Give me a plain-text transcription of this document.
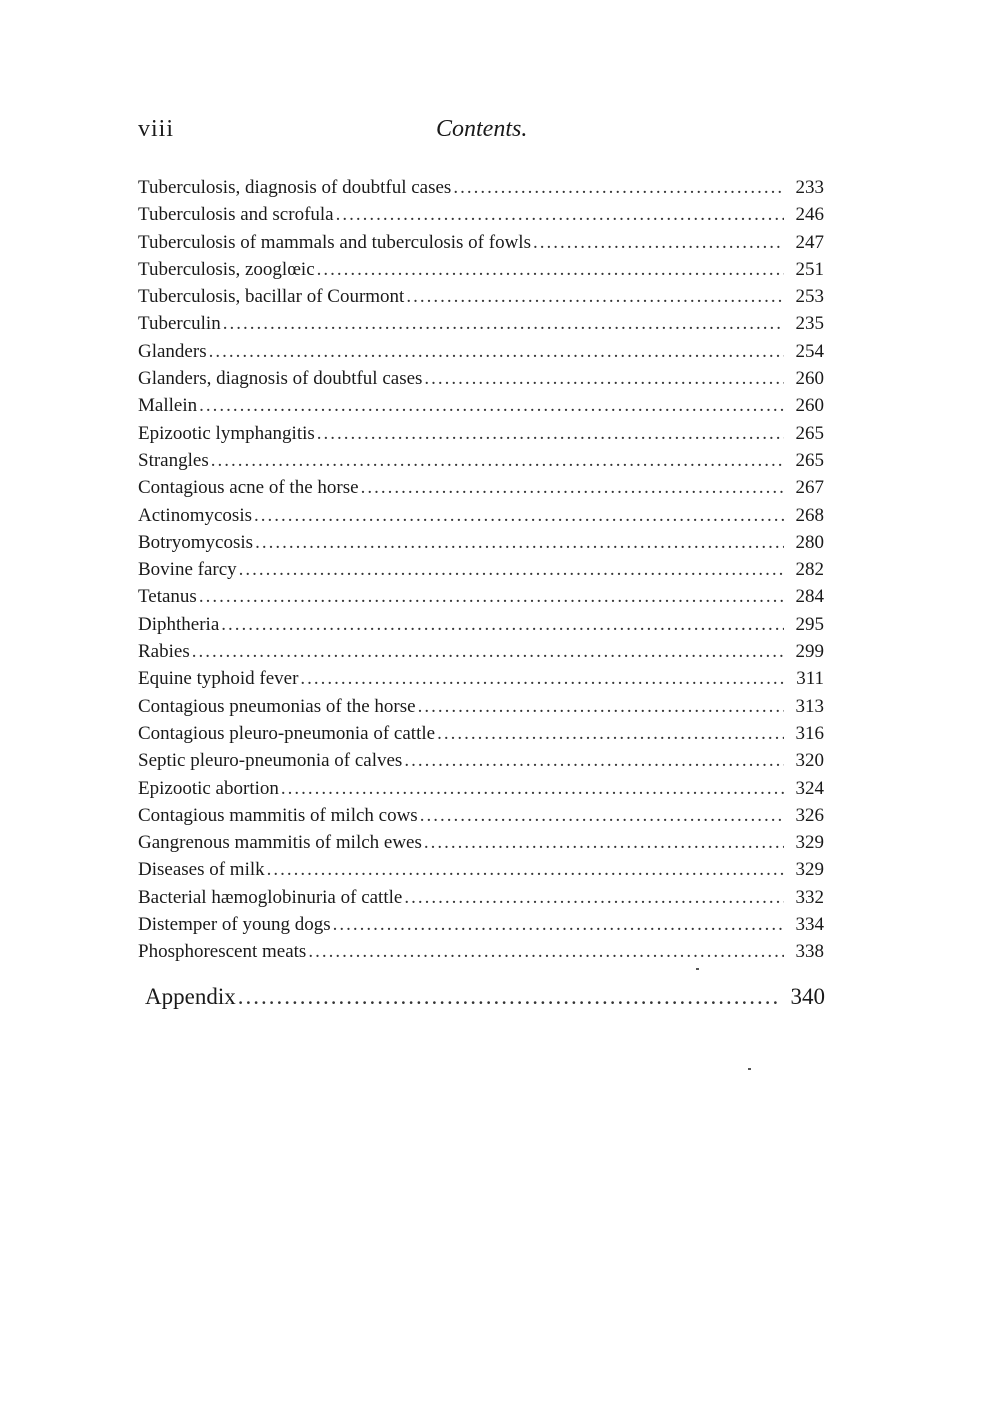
viii	Contents.
Tuberculosis, diagnosis of doubtful cases .....	233
Tuberculosis and scrofula .....	246
Tuberculosis of mammals and tuberculosis of fowls .....	247
Tuberculosis, zooglœic .....	251
Tuberculosis, bacillar of Courmont .....	253
Tuberculin .....	235
Glanders .....	254
Glanders, diagnosis of doubtful cases .....	260
Mallein .....	260
Epizootic lymphangitis .....	265
Strangles .....	265
Contagious acne of the horse .....	267
Actinomycosis .....	268
Botryomycosis .....	280
Bovine farcy .....	282
Tetanus .....	284
Diphtheria .....	295
Rabies .....	299
Equine typhoid fever .....	311
Contagious pneumonias of the horse .....	313
Contagious pleuro-pneumonia of cattle .....	316
Septic pleuro-pneumonia of calves .....	320
Epizootic abortion .....	324
Contagious mammitis of milch cows .....	326
Gangrenous mammitis of milch ewes .....	329
Diseases of milk .....	329
Bacterial hæmoglobinuria of cattle .....	332
Distemper of young dogs .....	334
Phosphorescent meats .....	338
Appendix .....	340
